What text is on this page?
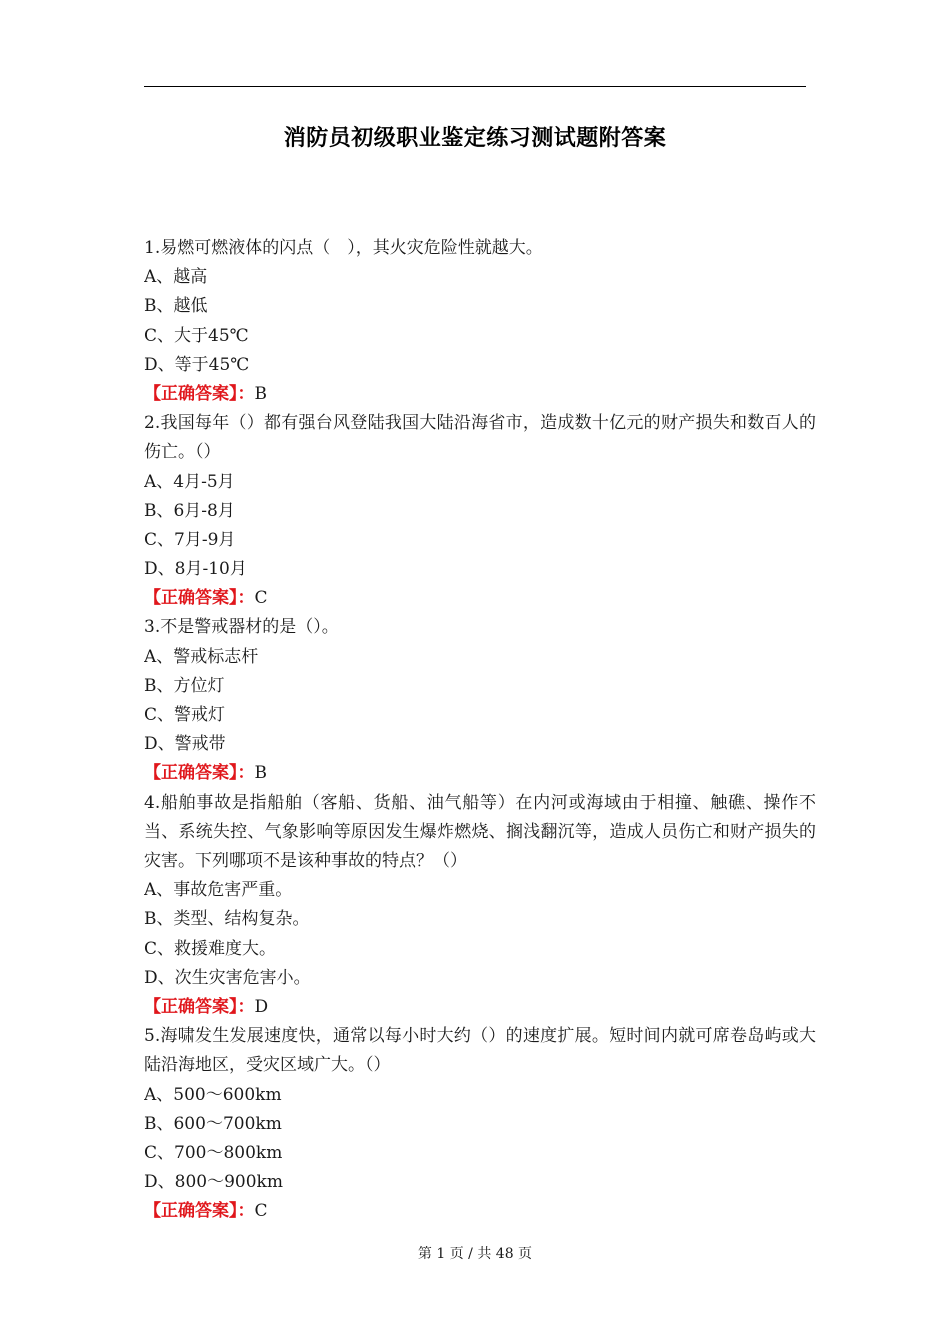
消防员初级职业鉴定练习测试题附答案
1.易燃可燃液体的闪点（　），其火灾危险性就越大。
A、越高
B、越低
C、大于45℃
D、等于45℃
【正确答案】：B
2.我国每年（）都有强台风登陆我国大陆沿海省市，造成数十亿元的财产损失和数百人的伤亡。（）
A、4月-5月
B、6月-8月
C、7月-9月
D、8月-10月
【正确答案】：C
3.不是警戒器材的是（）。
A、警戒标志杆
B、方位灯
C、警戒灯
D、警戒带
【正确答案】：B
4.船舶事故是指船舶（客船、货船、油气船等）在内河或海域由于相撞、触礁、操作不当、系统失控、气象影响等原因发生爆炸燃烧、搁浅翻沉等，造成人员伤亡和财产损失的灾害。下列哪项不是该种事故的特点？（）
A、事故危害严重。
B、类型、结构复杂。
C、救援难度大。
D、次生灾害危害小。
【正确答案】：D
5.海啸发生发展速度快，通常以每小时大约（）的速度扩展。短时间内就可席卷岛屿或大陆沿海地区，受灾区域广大。（）
A、500～600km
B、600～700km
C、700～800km
D、800～900km
【正确答案】：C
第 1 页 / 共 48 页
